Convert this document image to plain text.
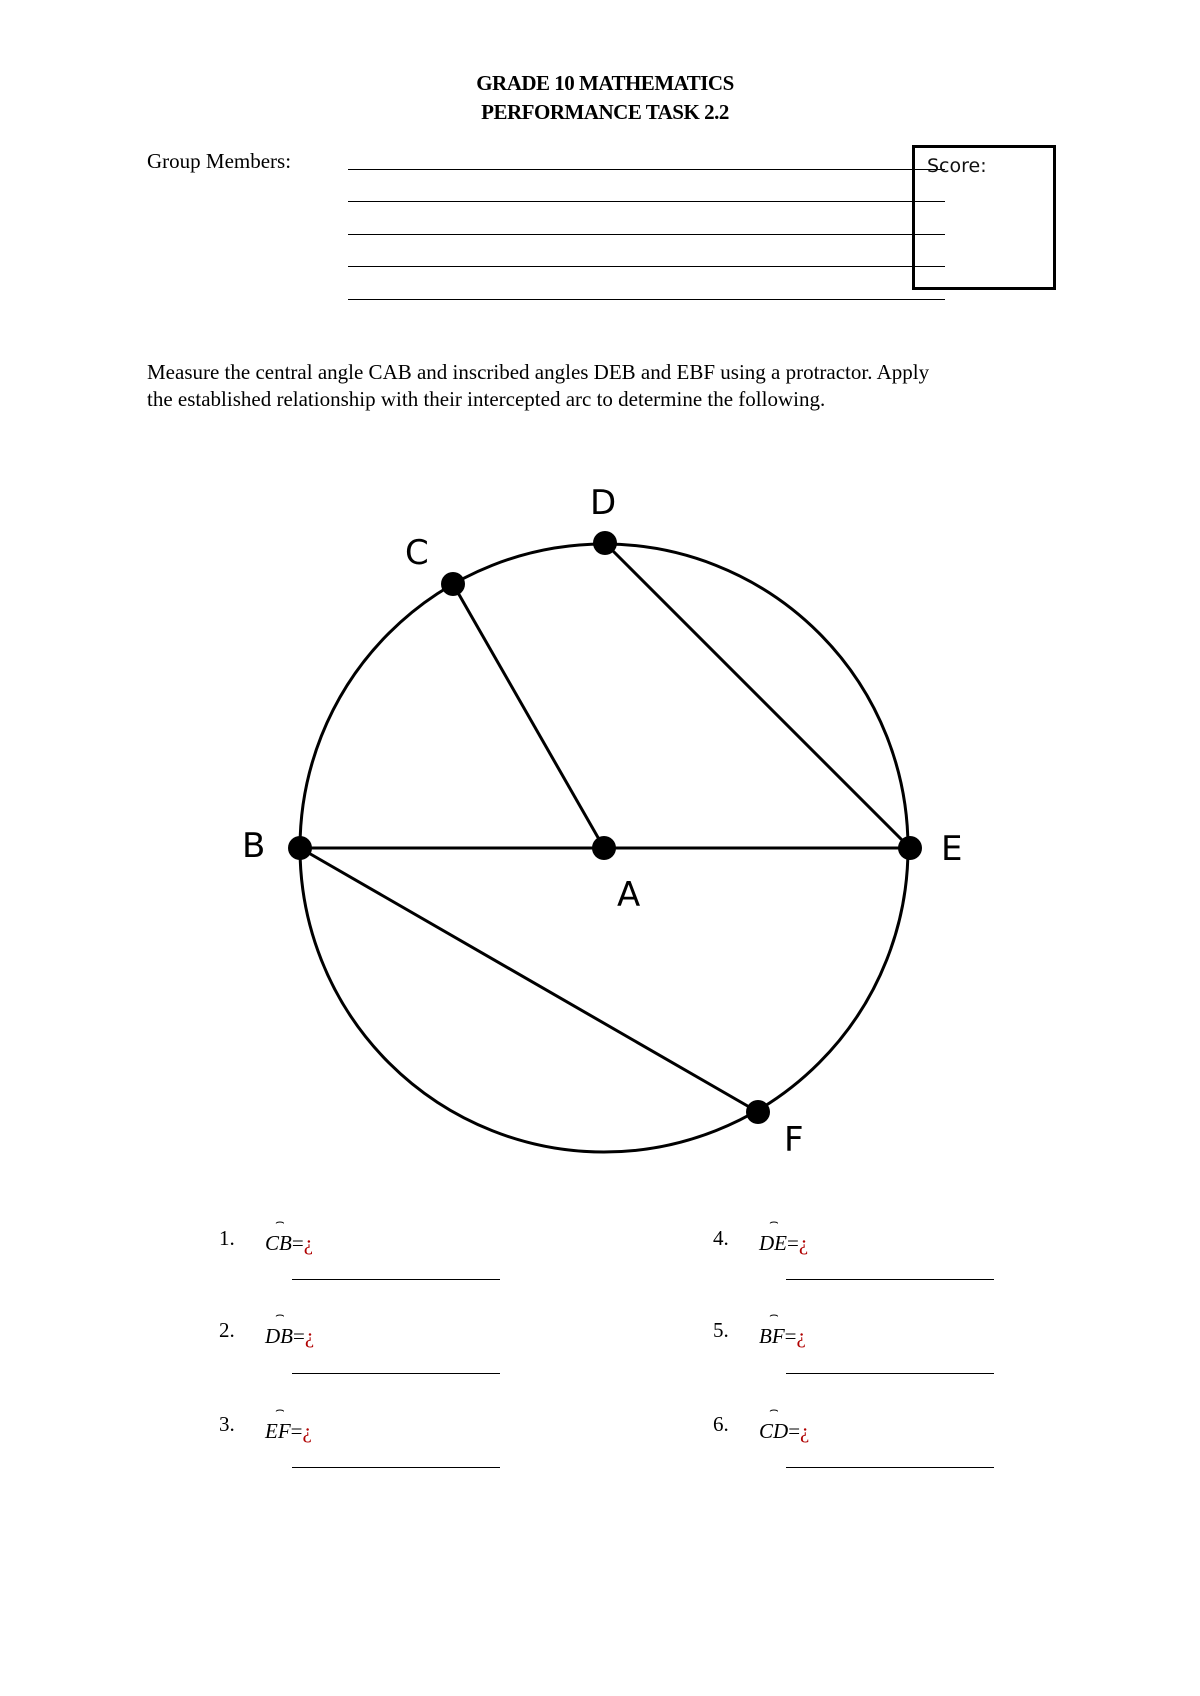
GRADE 10 MATHEMATICS
PERFORMANCE TASK 2.2
Group Members:	Score:

Measure the central angle CAB and inscribed angles DEB and EBF using a protractor. Apply

the established relationship with their intercepted arc to determine the following.

A
B
C
D
E
F
1.
⌢
CB=¿
2.
⌢
DB=¿
3.
⌢
EF=¿
4.
⌢
DE=¿
5.
⌢
BF=¿
6.
⌢
CD=¿
